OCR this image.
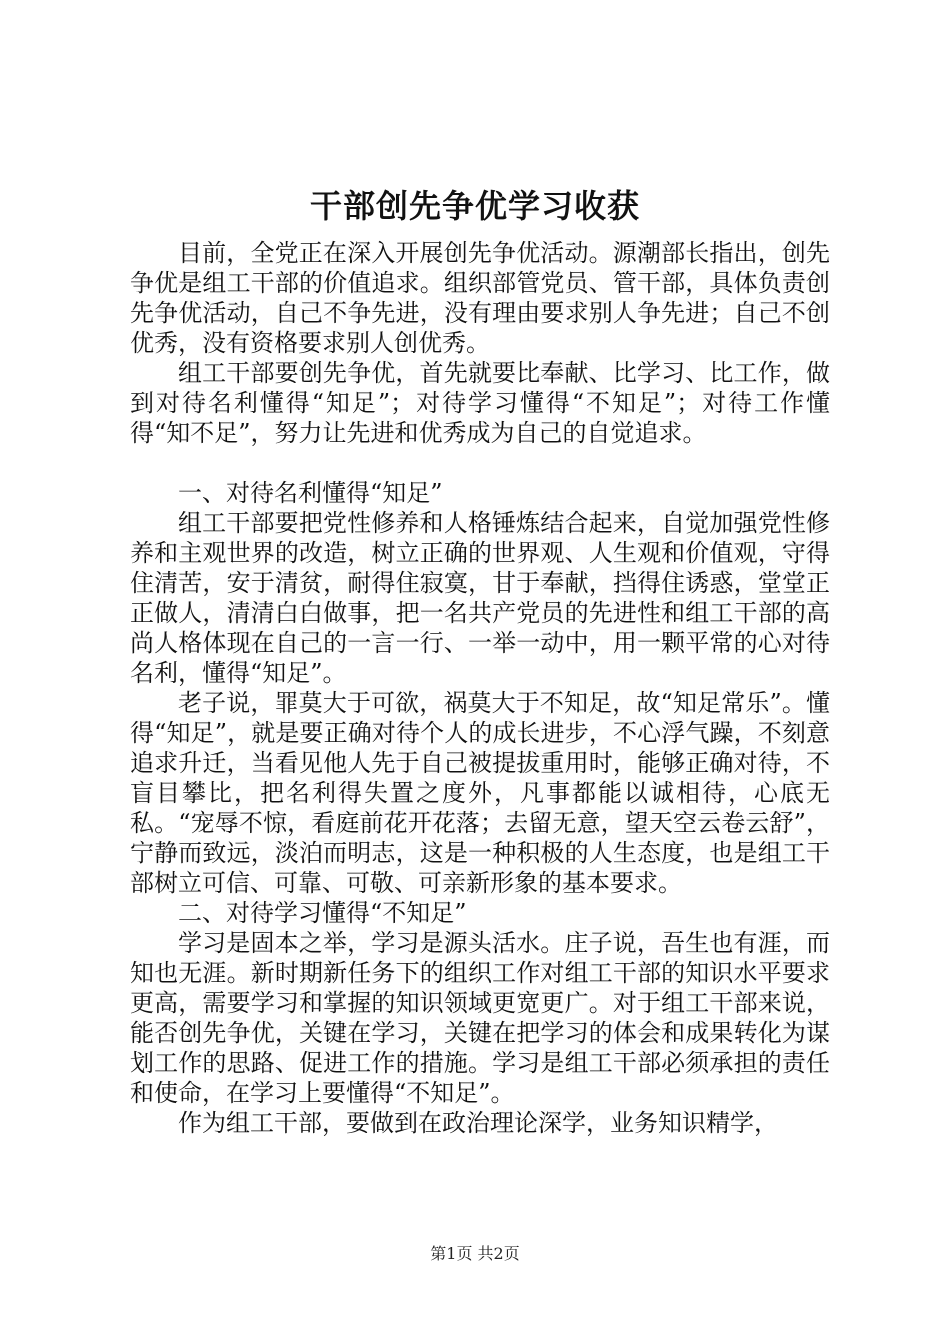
干部创先争优学习收获

目前，全党正在深入开展创先争优活动。源潮部长指出，创先争优是组工干部的价值追求。组织部管党员、管干部，具体负责创先争优活动，自己不争先进，没有理由要求别人争先进；自己不创优秀，没有资格要求别人创优秀。

组工干部要创先争优，首先就要比奉献、比学习、比工作，做到对待名利懂得“知足”；对待学习懂得“不知足”；对待工作懂得“知不足”，努力让先进和优秀成为自己的自觉追求。

一、对待名利懂得“知足”

组工干部要把党性修养和人格锤炼结合起来，自觉加强党性修养和主观世界的改造，树立正确的世界观、人生观和价值观，守得住清苦，安于清贫，耐得住寂寞，甘于奉献，挡得住诱惑，堂堂正正做人，清清白白做事，把一名共产党员的先进性和组工干部的高尚人格体现在自己的一言一行、一举一动中，用一颗平常的心对待名利，懂得“知足”。

老子说，罪莫大于可欲，祸莫大于不知足，故“知足常乐”。懂得“知足”，就是要正确对待个人的成长进步，不心浮气躁，不刻意追求升迁，当看见他人先于自己被提拔重用时，能够正确对待，不盲目攀比，把名利得失置之度外，凡事都能以诚相待，心底无私。“宠辱不惊，看庭前花开花落；去留无意，望天空云卷云舒”，宁静而致远，淡泊而明志，这是一种积极的人生态度，也是组工干部树立可信、可靠、可敬、可亲新形象的基本要求。

二、对待学习懂得“不知足”

学习是固本之举，学习是源头活水。庄子说，吾生也有涯，而知也无涯。新时期新任务下的组织工作对组工干部的知识水平要求更高，需要学习和掌握的知识领域更宽更广。对于组工干部来说，能否创先争优，关键在学习，关键在把学习的体会和成果转化为谋划工作的思路、促进工作的措施。学习是组工干部必须承担的责任和使命，在学习上要懂得“不知足”。

作为组工干部，要做到在政治理论深学，业务知识精学，

第1页 共2页
